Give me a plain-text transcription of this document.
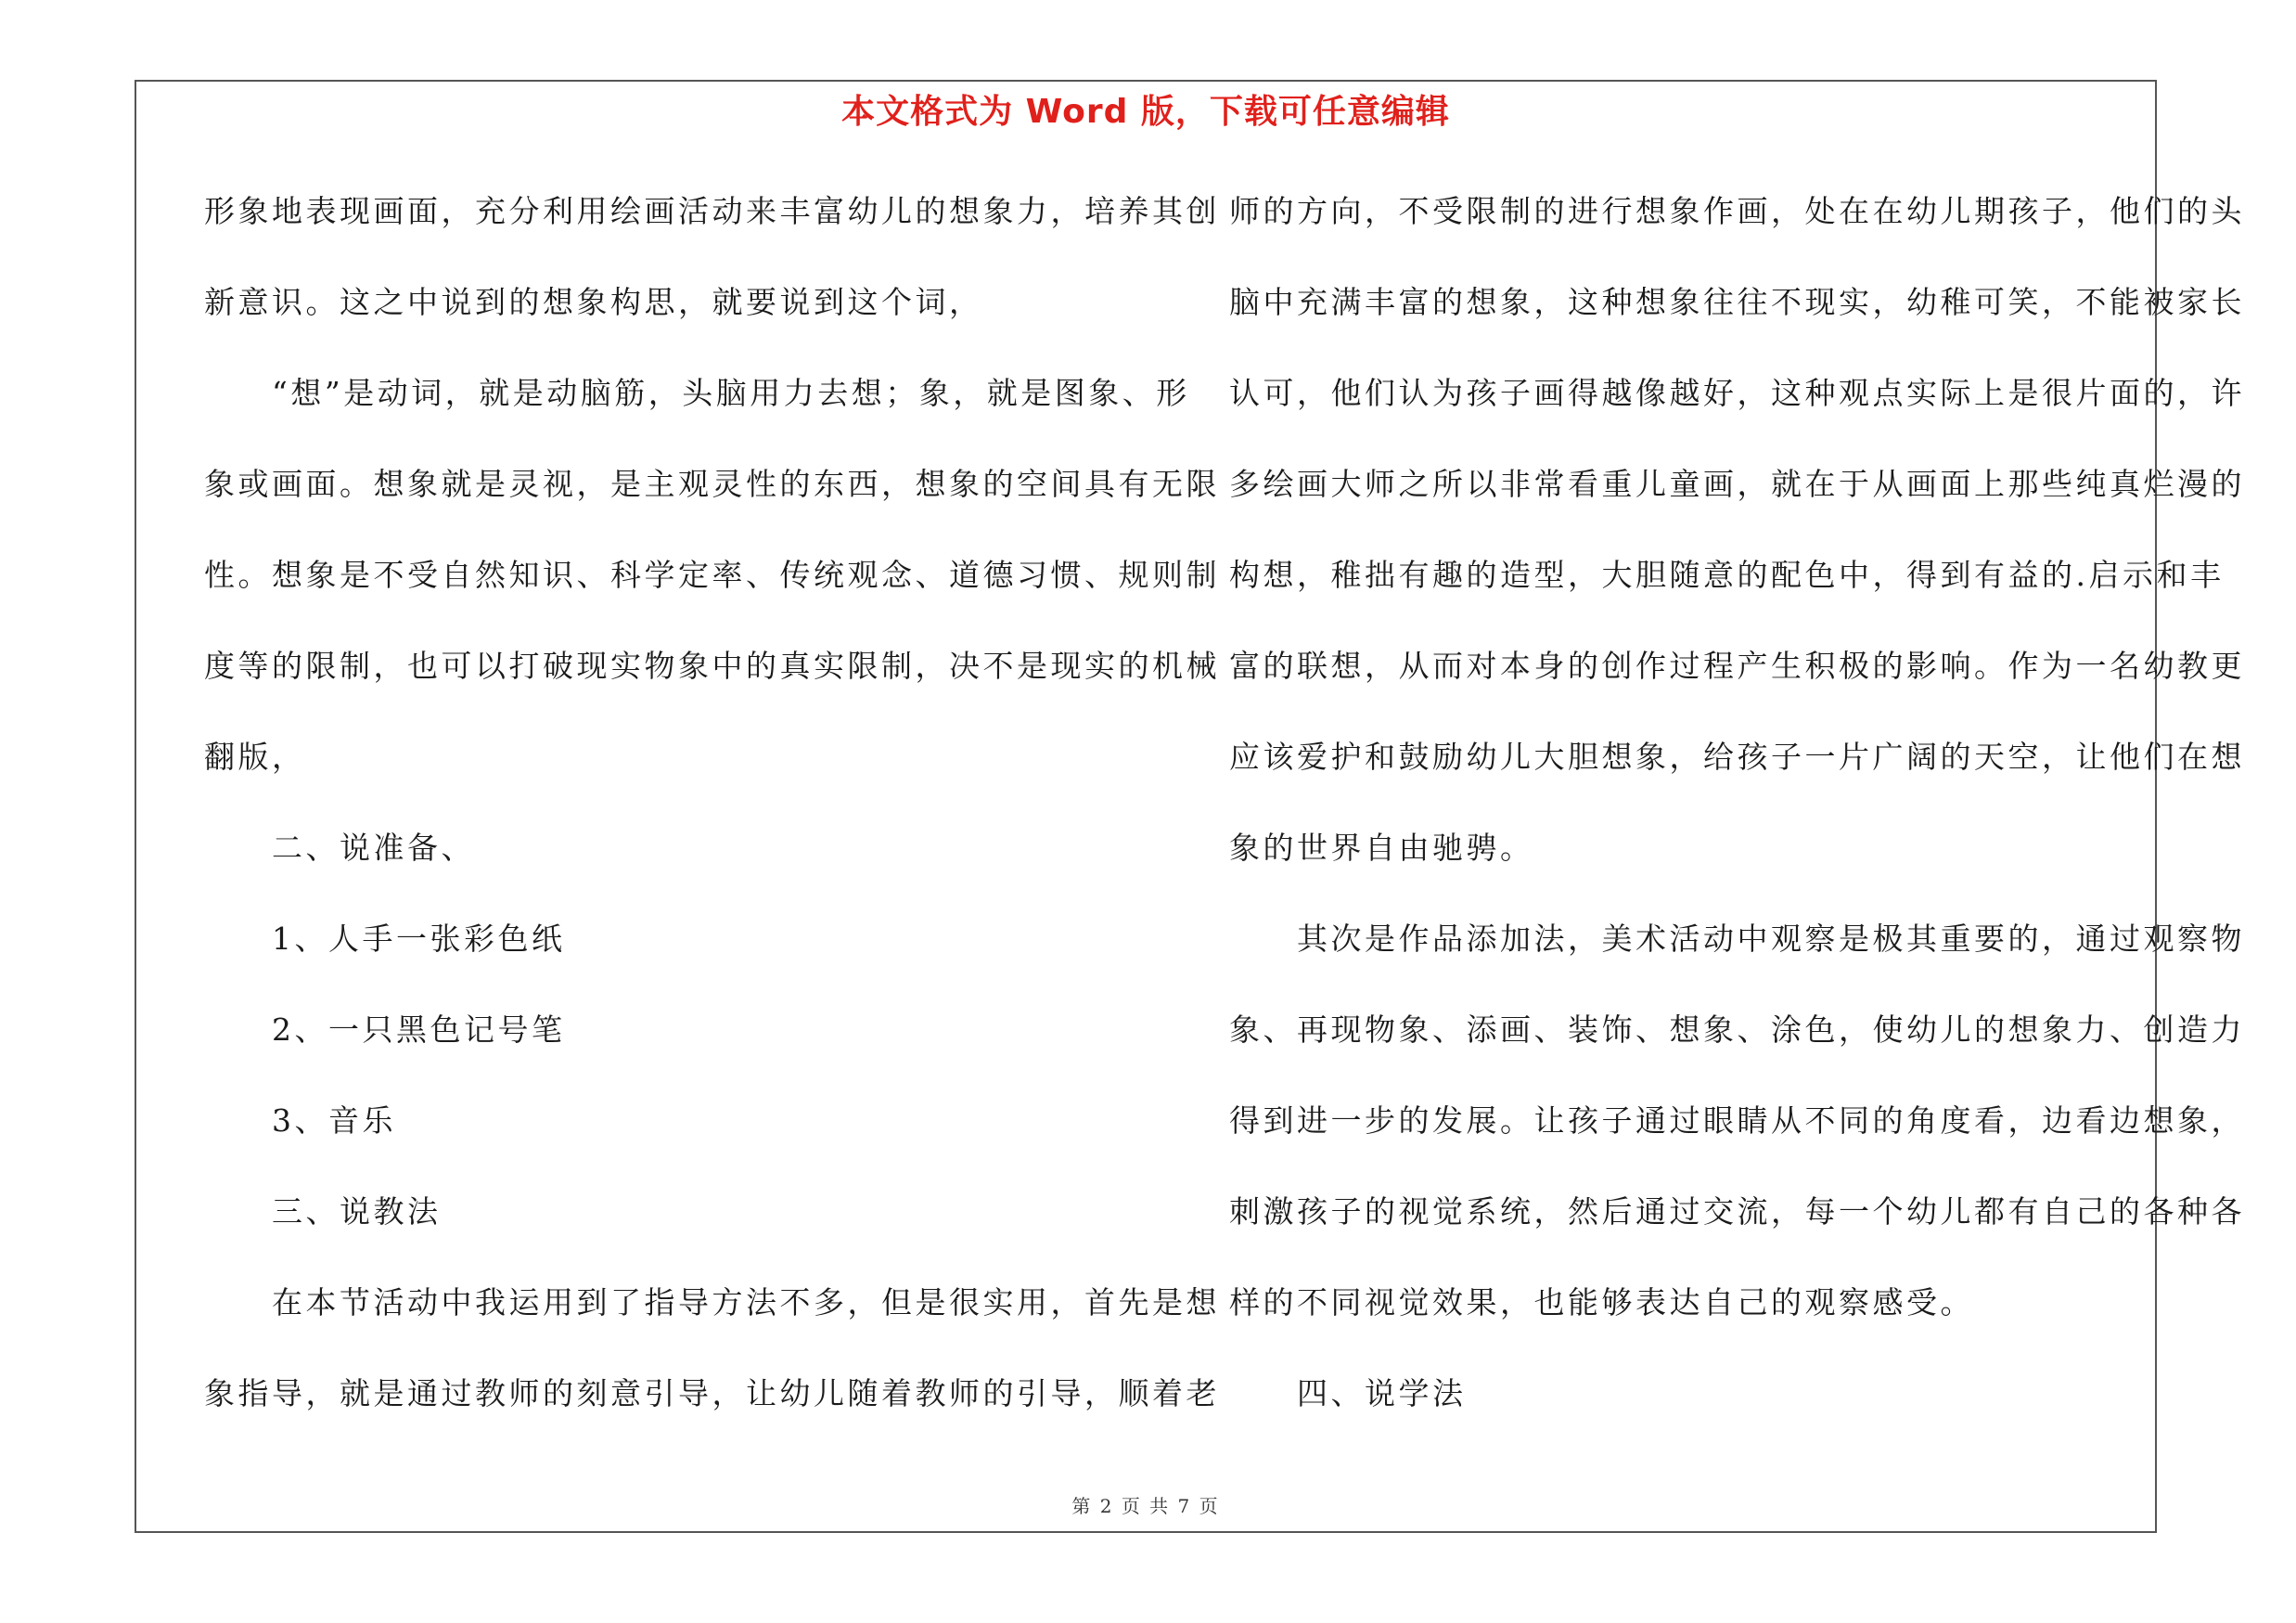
本文格式为 Word 版，下载可任意编辑
形象地表现画面，充分利用绘画活动来丰富幼儿的想象力，培养其创
新意识。这之中说到的想象构思，就要说到这个词，
　　“想”是动词，就是动脑筋，头脑用力去想；象，就是图象、形
象或画面。想象就是灵视，是主观灵性的东西，想象的空间具有无限
性。想象是不受自然知识、科学定率、传统观念、道德习惯、规则制
度等的限制，也可以打破现实物象中的真实限制，决不是现实的机械
翻版，
　　二、说准备、
　　1、人手一张彩色纸
　　2、一只黑色记号笔
　　3、音乐
　　三、说教法
　　在本节活动中我运用到了指导方法不多，但是很实用，首先是想
象指导，就是通过教师的刻意引导，让幼儿随着教师的引导，顺着老
师的方向，不受限制的进行想象作画，处在在幼儿期孩子，他们的头
脑中充满丰富的想象，这种想象往往不现实，幼稚可笑，不能被家长
认可，他们认为孩子画得越像越好，这种观点实际上是很片面的，许
多绘画大师之所以非常看重儿童画，就在于从画面上那些纯真烂漫的
构想，稚拙有趣的造型，大胆随意的配色中，得到有益的.启示和丰
富的联想，从而对本身的创作过程产生积极的影响。作为一名幼教更
应该爱护和鼓励幼儿大胆想象，给孩子一片广阔的天空，让他们在想
象的世界自由驰骋。
　　其次是作品添加法，美术活动中观察是极其重要的，通过观察物
象、再现物象、添画、装饰、想象、涂色，使幼儿的想象力、创造力
得到进一步的发展。让孩子通过眼睛从不同的角度看，边看边想象，
刺激孩子的视觉系统，然后通过交流，每一个幼儿都有自己的各种各
样的不同视觉效果，也能够表达自己的观察感受。
　　四、说学法
第 2 页 共 7 页
